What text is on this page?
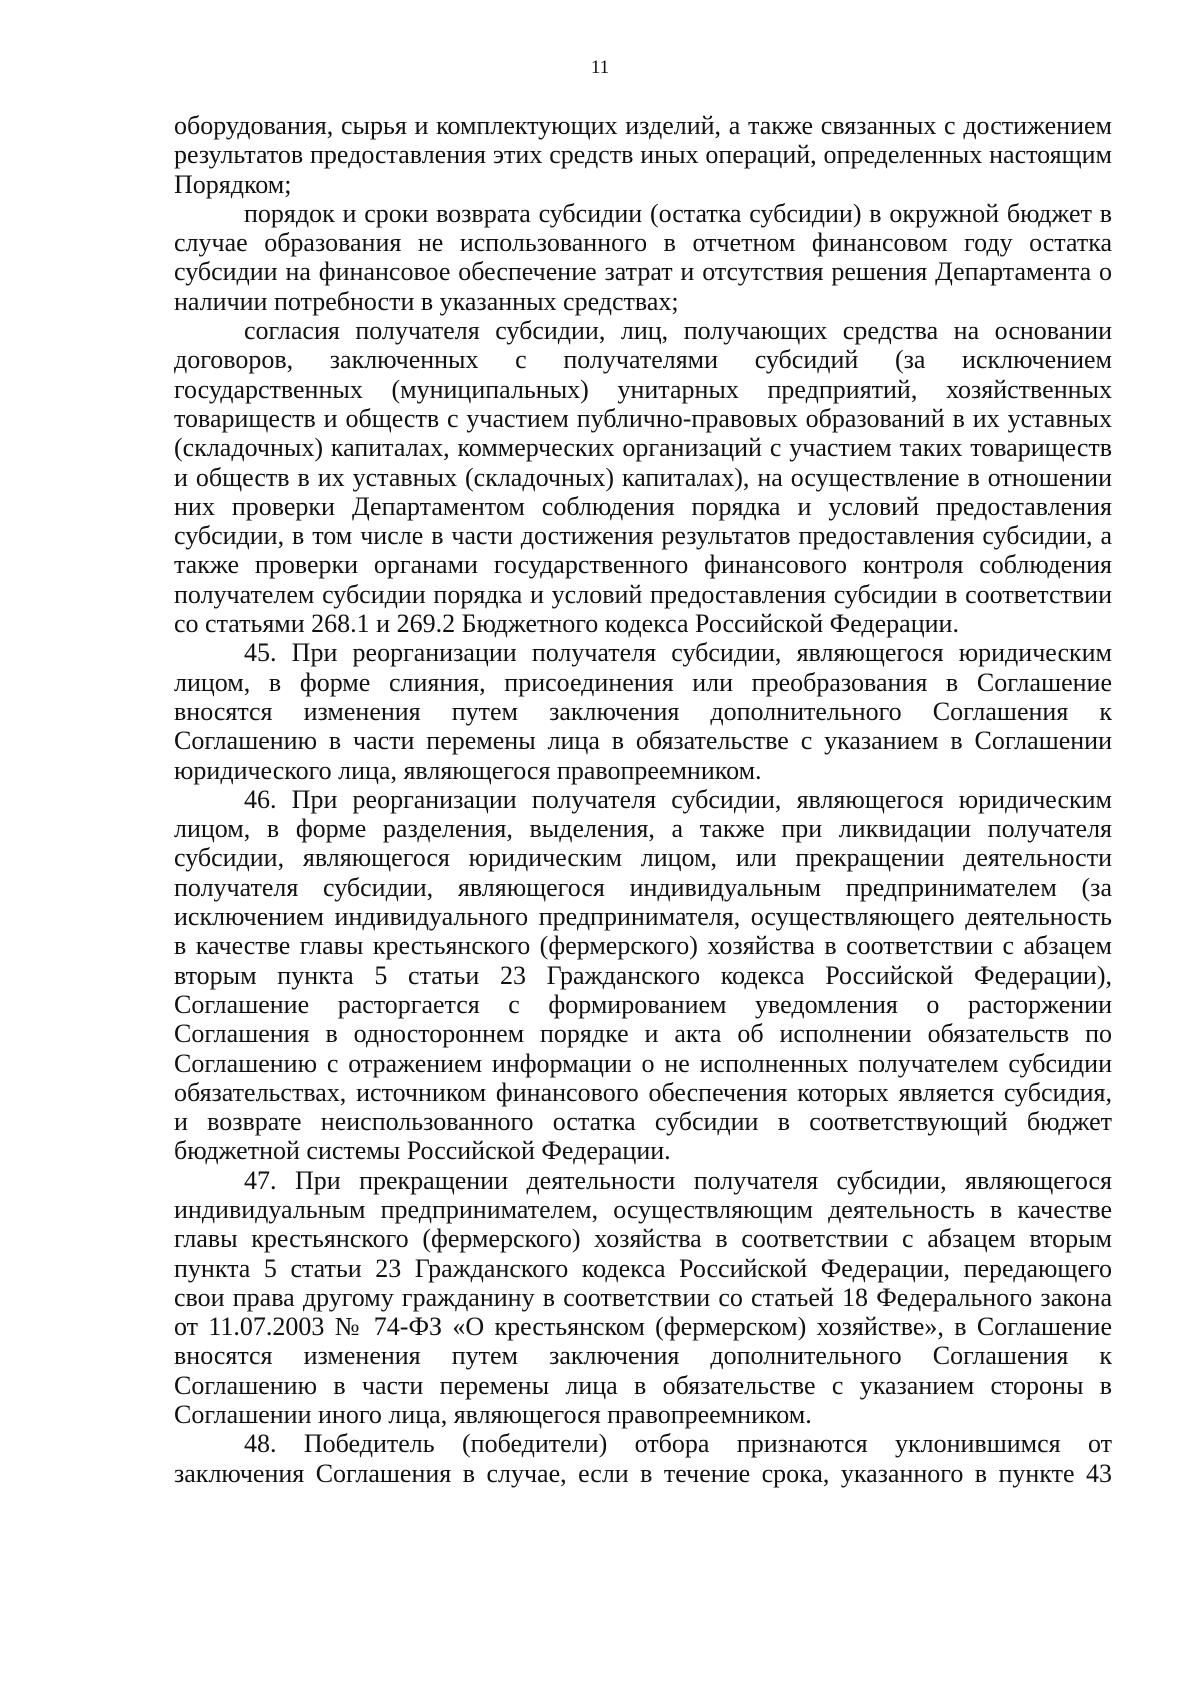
11

оборудования, сырья и комплектующих изделий, а также связанных с достижением результатов предоставления этих средств иных операций, определенных настоящим Порядком;

порядок и сроки возврата субсидии (остатка субсидии) в окружной бюджет в случае образования не использованного в отчетном финансовом году остатка субсидии на финансовое обеспечение затрат и отсутствия решения Департамента о наличии потребности в указанных средствах;

согласия получателя субсидии, лиц, получающих средства на основании договоров, заключенных с получателями субсидий (за исключением государственных (муниципальных) унитарных предприятий, хозяйственных товариществ и обществ с участием публично-правовых образований в их уставных (складочных) капиталах, коммерческих организаций с участием таких товариществ и обществ в их уставных (складочных) капиталах), на осуществление в отношении них проверки Департаментом соблюдения порядка и условий предоставления субсидии, в том числе в части достижения результатов предоставления субсидии, а также проверки органами государственного финансового контроля соблюдения получателем субсидии порядка и условий предоставления субсидии в соответствии со статьями 268.1 и 269.2 Бюджетного кодекса Российской Федерации.

45. При реорганизации получателя субсидии, являющегося юридическим лицом, в форме слияния, присоединения или преобразования в Соглашение вносятся изменения путем заключения дополнительного Соглашения к Соглашению в части перемены лица в обязательстве с указанием в Соглашении юридического лица, являющегося правопреемником.

46. При реорганизации получателя субсидии, являющегося юридическим лицом, в форме разделения, выделения, а также при ликвидации получателя субсидии, являющегося юридическим лицом, или прекращении деятельности получателя субсидии, являющегося индивидуальным предпринимателем (за исключением индивидуального предпринимателя, осуществляющего деятельность в качестве главы крестьянского (фермерского) хозяйства в соответствии с абзацем вторым пункта 5 статьи 23 Гражданского кодекса Российской Федерации), Соглашение расторгается с формированием уведомления о расторжении Соглашения в одностороннем порядке и акта об исполнении обязательств по Соглашению с отражением информации о не исполненных получателем субсидии обязательствах, источником финансового обеспечения которых является субсидия, и возврате неиспользованного остатка субсидии в соответствующий бюджет бюджетной системы Российской Федерации.

47. При прекращении деятельности получателя субсидии, являющегося индивидуальным предпринимателем, осуществляющим деятельность в качестве главы крестьянского (фермерского) хозяйства в соответствии с абзацем вторым пункта 5 статьи 23 Гражданского кодекса Российской Федерации, передающего свои права другому гражданину в соответствии со статьей 18 Федерального закона от 11.07.2003 № 74-ФЗ «О крестьянском (фермерском) хозяйстве», в Соглашение вносятся изменения путем заключения дополнительного Соглашения к Соглашению в части перемены лица в обязательстве с указанием стороны в Соглашении иного лица, являющегося правопреемником.

48. Победитель (победители) отбора признаются уклонившимся от заключения Соглашения в случае, если в течение срока, указанного в пункте 43
